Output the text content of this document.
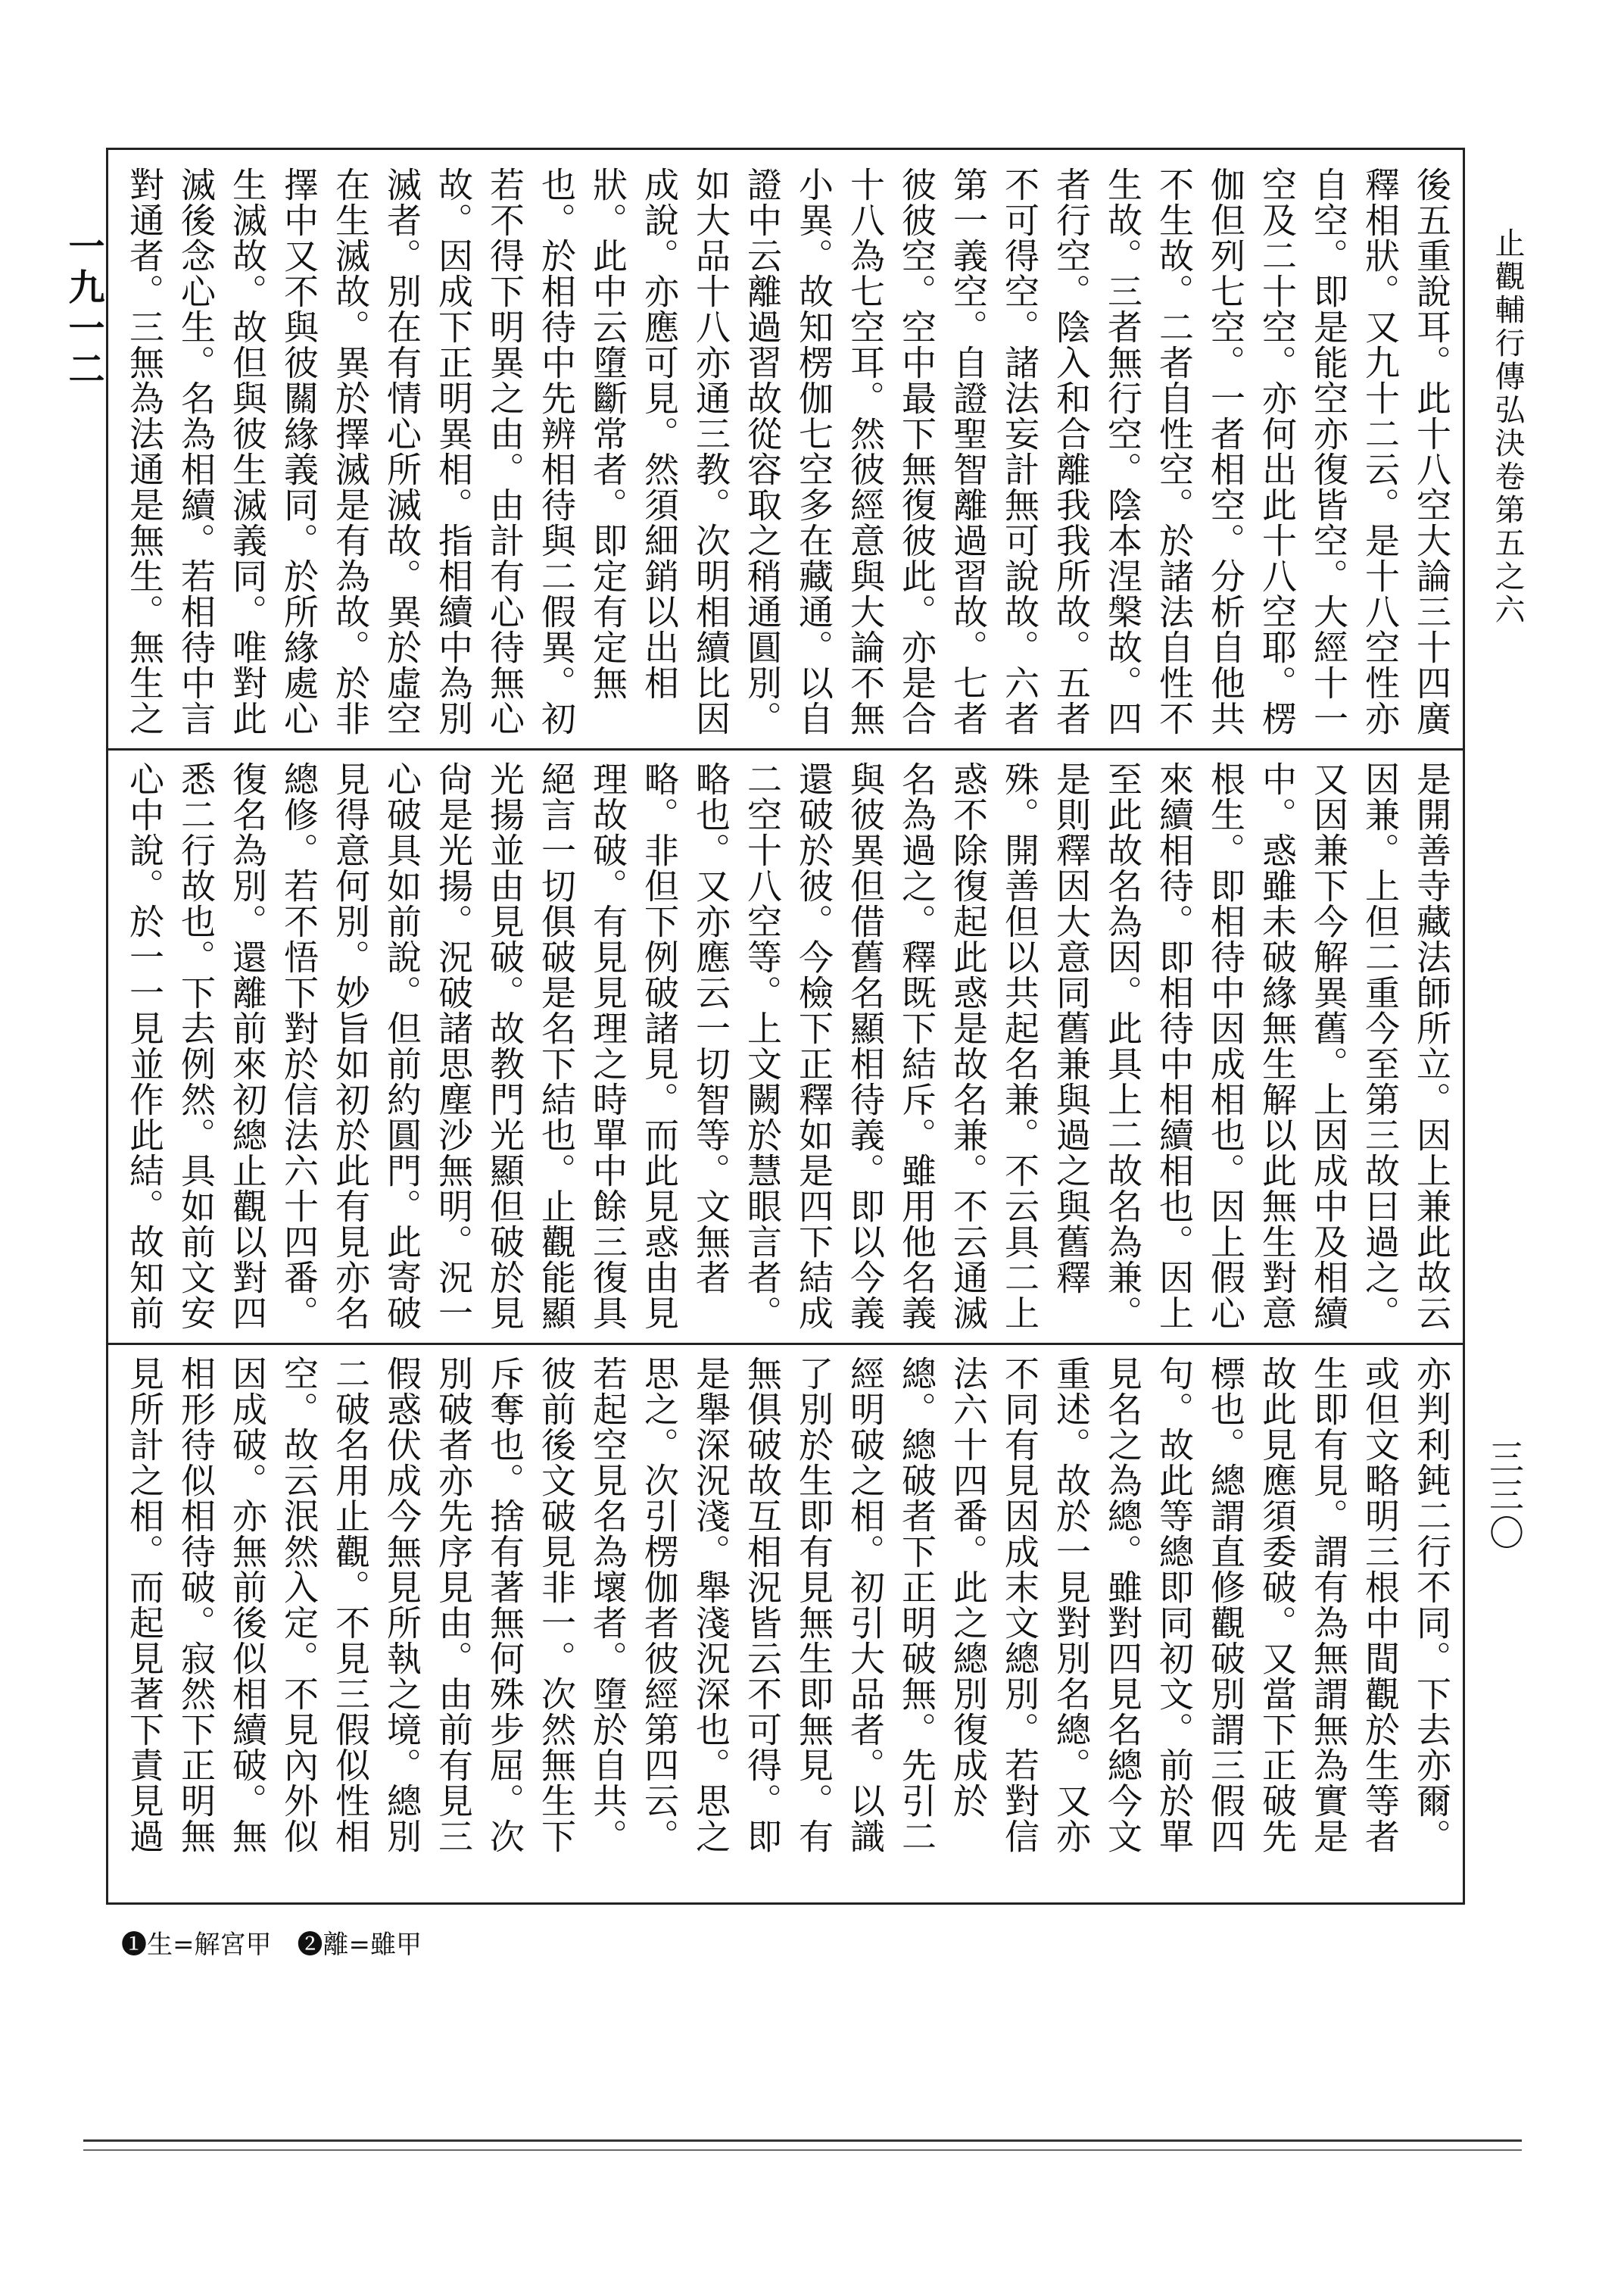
一九一二	止觀輔行傳弘決卷第五之六
三三〇
後五重說耳。此十八空大論三十四廣釋相狀。又九十二云。是十八空性亦自空。即是能空亦復皆空。大經十一空及二十空。亦何出此十八空耶。楞伽但列七空。一者相空。分析自他共不生故。二者自性空。於諸法自性不生故。三者無行空。陰本涅槃故。四者行空。陰入和合離我我所故。五者不可得空。諸法妄計無可說故。六者第一義空。自證聖智離過習故。七者彼彼空。空中最下無復彼此。亦是合十八為七空耳。然彼經意與大論不無小異。故知楞伽七空多在藏通。以自證中云離過習故從容取之稍通圓別。如大品十八亦通三教。次明相續比因成說。亦應可見。然須細銷以出相狀。此中云墮斷常者。即定有定無也。於相待中先辨相待與二假異。初若不得下明異之由。由計有心待無心故。因成下正明異相。指相續中為別滅者。別在有情心所滅故。異於虛空在生滅故。異於擇滅是有為故。於非擇中又不與彼關緣義同。於所緣處心生滅故。故但與彼生滅義同。唯對此滅後念心生。名為相續。若相待中言對通者。三無為法通是無生。無生之
是開善寺藏法師所立。因上兼此故云因兼。上但二重今至第三故曰過之。又因兼下今解異舊。上因成中及相續中。惑雖未破緣無生解以此無生對意根生。即相待中因成相也。因上假心來續相待。即相待中相續相也。因上至此故名為因。此具上二故名為兼。是則釋因大意同舊兼與過之與舊釋殊。開善但以共起名兼。不云具二上惑不除復起此惑是故名兼。不云通滅名為過之。釋既下結斥。雖用他名義與彼異但借舊名顯相待義。即以今義還破於彼。今檢下正釋如是四下結成二空十八空等。上文闕於慧眼言者。略也。又亦應云一切智等。文無者略。非但下例破諸見。而此見惑由見理故破。有見見理之時單中餘三復具絕言一切俱破是名下結也。止觀能顯光揚並由見破。故教門光顯但破於見尙是光揚。況破諸思塵沙無明。況一心破具如前說。但前約圓門。此寄破見得意何別。妙旨如初於此有見亦名總修。若不悟下對於信法六十四番。復名為別。還離前來初總止觀以對四悉二行故也。下去例然。具如前文安心中說。於一一見並作此結。故知前
亦判利鈍二行不同。下去亦爾。或但文略明三根中間觀於生等者生即有見。謂有為無謂無為實是故此見應須委破。又當下正破先標也。總謂直修觀破別謂三假四句。故此等總即同初文。前於單見名之為總。雖對四見名總今文重述。故於一見對別名總。又亦不同有見因成末文總別。若對信法六十四番。此之總別復成於總。總破者下正明破無。先引二經明破之相。初引大品者。以識了別於生即有見無生即無見。有無俱破故互相況皆云不可得。即是舉深況淺。舉淺況深也。思之思之。次引楞伽者彼經第四云。若起空見名為壞者。墮於自共。彼前後文破見非一。次然無生下斥奪也。捨有著無何殊步屈。次別破者亦先序見由。由前有見三假惑伏成今無見所執之境。總別二破名用止觀。不見三假似性相空。故云泯然入定。不見內外似因成破。亦無前後似相續破。無相形待似相待破。寂然下正明無見所計之相。而起見著下責見過
❶生=解宮甲　❷離=雖甲
